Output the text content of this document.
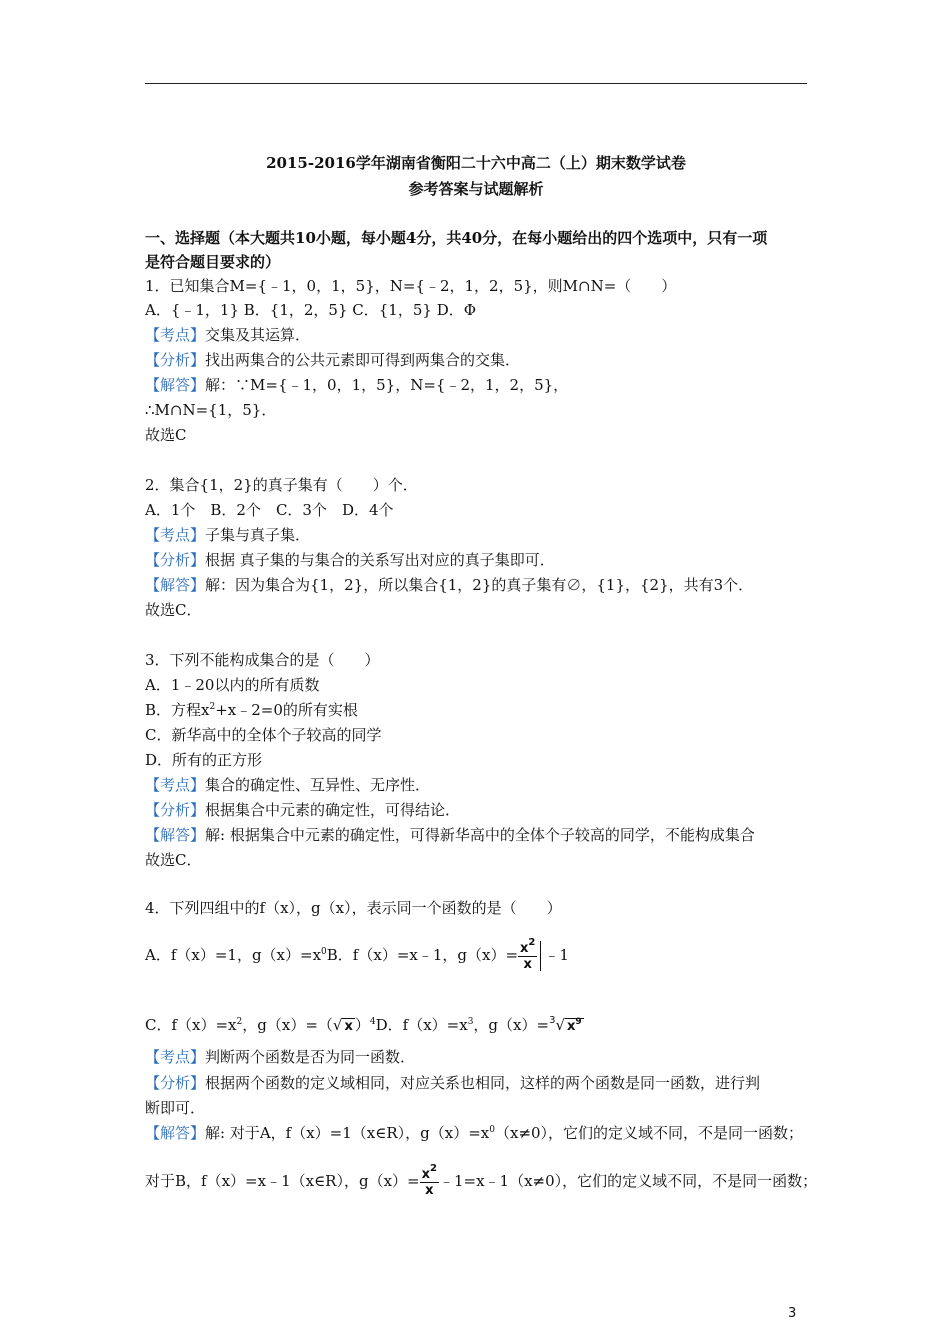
2015-2016学年湖南省衡阳二十六中高二（上）期末数学试卷
参考答案与试题解析
一、选择题（本大题共10小题，每小题4分，共40分，在每小题给出的四个选项中，只有一项
是符合题目要求的）
1．已知集合M={﹣1，0，1，5}，N={﹣2，1，2，5}，则M∩N=（　　）
A．{﹣1，1} B．{1，2，5} C．{1，5} D．Φ
【考点】交集及其运算．
【分析】找出两集合的公共元素即可得到两集合的交集．
【解答】解：∵M={﹣1，0，1，5}，N={﹣2，1，2，5}，
∴M∩N={1，5}．
故选C
2．集合{1，2}的真子集有（　　）个．
A．1个　B．2个　C．3个　D．4个
【考点】子集与真子集．
【分析】根据 真子集的与集合的关系写出对应的真子集即可．
【解答】解：因为集合为{1，2}，所以集合{1，2}的真子集有∅，{1}，{2}，共有3个．
故选C．
3．下列不能构成集合的是（　　）
A．1﹣20以内的所有质数
B．方程$x^2+x﹣2=0$的所有实根
C．新华高中的全体个子较高的同学
D．所有的正方形
【考点】集合的确定性、互异性、无序性．
【分析】根据集合中元素的确定性，可得结论．
【解答】解: 根据集合中元素的确定性，可得新华高中的全体个子较高的同学，不能构成集合
故选C．
4．下列四组中的f（x），g（x），表示同一个函数的是（　　）
A．f（x）=1，$g(x)=x^0B$．f（x）=x﹣1，$g(x)= \frac{x^2}{x}$ ﹣1
C．$f(x)=x^2$，g（x）=（√ x ）$^4$D．$f(x)=x^3$，g（x）=$^3$√ $x^9$
【考点】判断两个函数是否为同一函数．
【分析】根据两个函数的定义域相同，对应关系也相同，这样的两个函数是同一函数，进行判
断即可．
【解答】解: 对于A，f（x）=1（x∈R），$g(x)=x^0(x\ne 0)$，它们的定义域不同，不是同一函数；
对于B，f（x）=x﹣1（x∈R），$g(x)= \frac{x^2}{x}$ ﹣1=x﹣1（x≠0），它们的定义域不同，不是同一函数；
3
